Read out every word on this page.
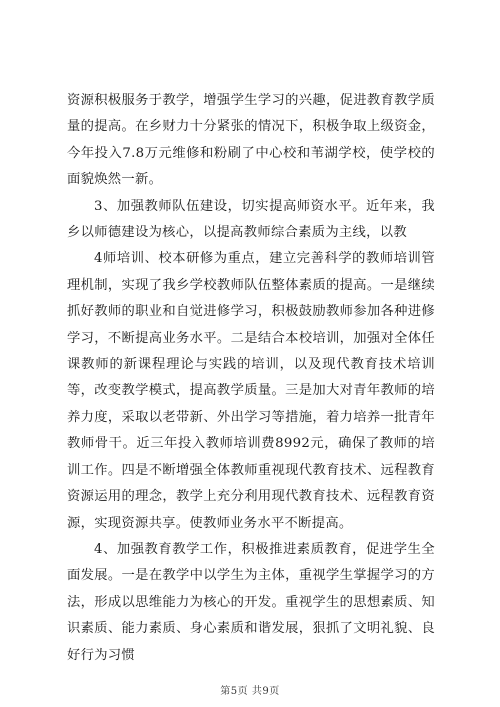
资源积极服务于教学，增强学生学习的兴趣，促进教育教学质量的提高。在乡财力十分紧张的情况下，积极争取上级资金，今年投入7.8万元维修和粉刷了中心校和苇湖学校，使学校的面貌焕然一新。

3、加强教师队伍建设，切实提高师资水平。近年来，我乡以师德建设为核心，以提高教师综合素质为主线，以教

4师培训、校本研修为重点，建立完善科学的教师培训管理机制，实现了我乡学校教师队伍整体素质的提高。一是继续抓好教师的职业和自觉进修学习，积极鼓励教师参加各种进修学习，不断提高业务水平。二是结合本校培训，加强对全体任课教师的新课程理论与实践的培训，以及现代教育技术培训等，改变教学模式，提高教学质量。三是加大对青年教师的培养力度，采取以老带新、外出学习等措施，着力培养一批青年教师骨干。近三年投入教师培训费8992元，确保了教师的培训工作。四是不断增强全体教师重视现代教育技术、远程教育资源运用的理念，教学上充分利用现代教育技术、远程教育资源，实现资源共享。使教师业务水平不断提高。

4、加强教育教学工作，积极推进素质教育，促进学生全面发展。一是在教学中以学生为主体，重视学生掌握学习的方法，形成以思维能力为核心的开发。重视学生的思想素质、知识素质、能力素质、身心素质和谐发展，狠抓了文明礼貌、良好行为习惯

第5页 共9页
